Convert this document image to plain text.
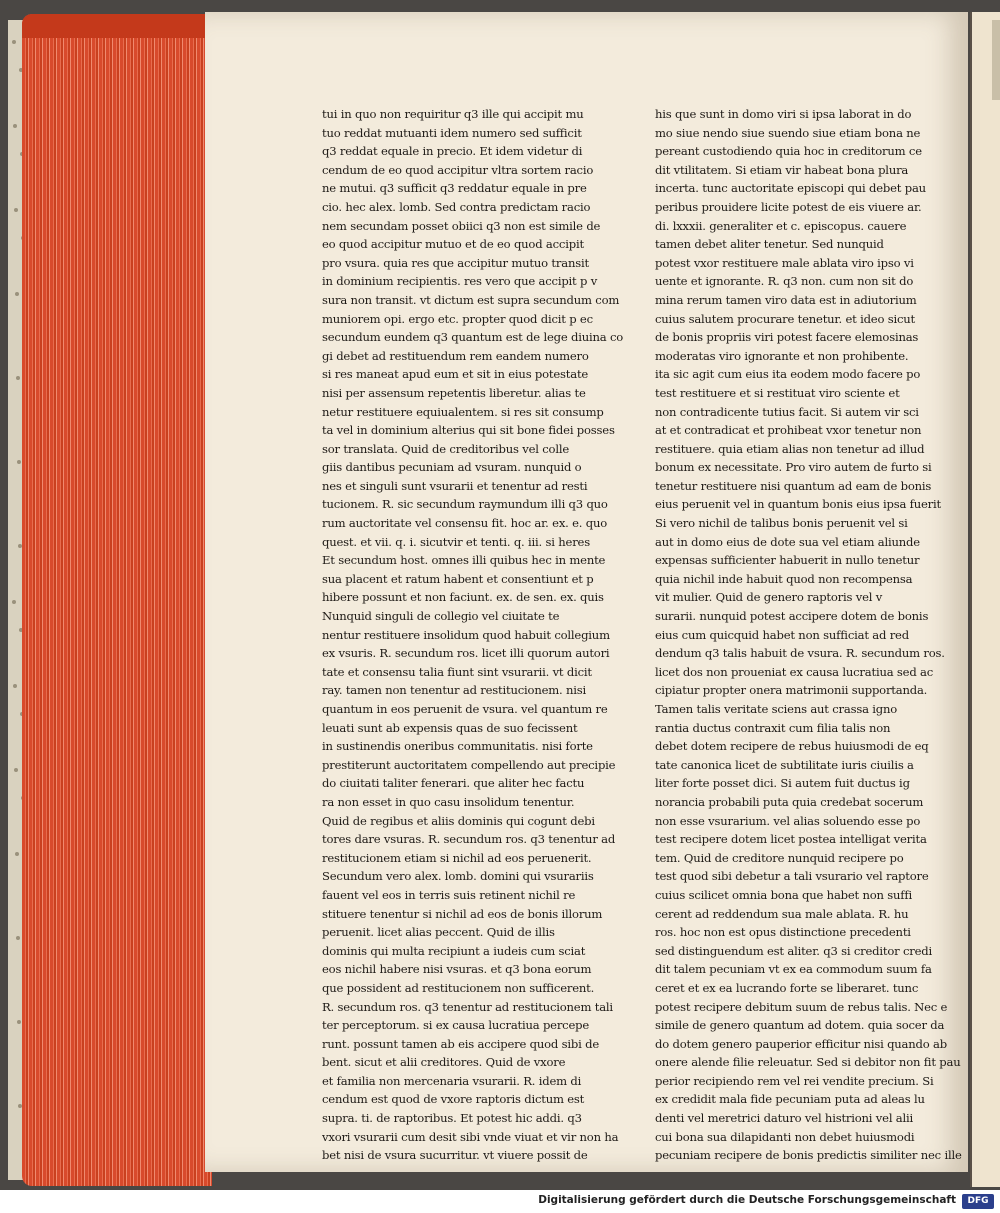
tui in quo non requiritur q3 ille qui accipit mu
tuo reddat mutuanti idem numero sed sufficit
q3 reddat equale in precio. Et idem videtur di
cendum de eo quod accipitur vltra sortem racio
ne mutui. q3 sufficit q3 reddatur equale in pre
cio. hec alex. lomb. Sed contra predictam racio
nem secundam posset obiici q3 non est simile de
eo quod accipitur mutuo et de eo quod accipit
pro vsura. quia res que accipitur mutuo transit
in dominium recipientis. res vero que accipit p v
sura non transit. vt dictum est supra secundum com
muniorem opi. ergo etc. propter quod dicit p ec
secundum eundem q3 quantum est de lege diuina co
gi debet ad restituendum rem eandem numero
si res maneat apud eum et sit in eius potestate
nisi per assensum repetentis liberetur. alias te
netur restituere equiualentem. si res sit consump
ta vel in dominium alterius qui sit bone fidei posses
sor translata. Quid de creditoribus vel colle
giis dantibus pecuniam ad vsuram. nunquid o
nes et singuli sunt vsurarii et tenentur ad resti
tucionem. R. sic secundum raymundum illi q3 quo
rum auctoritate vel consensu fit. hoc ar. ex. e. quo
quest. et vii. q. i. sicutvir et tenti. q. iii. si heres
Et secundum host. omnes illi quibus hec in mente
sua placent et ratum habent et consentiunt et p
hibere possunt et non faciunt. ex. de sen. ex. quis
Nunquid singuli de collegio vel ciuitate te
nentur restituere insolidum quod habuit collegium
ex vsuris. R. secundum ros. licet illi quorum autori
tate et consensu talia fiunt sint vsurarii. vt dicit
ray. tamen non tenentur ad restitucionem. nisi
quantum in eos peruenit de vsura. vel quantum re
leuati sunt ab expensis quas de suo fecissent
in sustinendis oneribus communitatis. nisi forte
prestiterunt auctoritatem compellendo aut precipie
do ciuitati taliter fenerari. que aliter hec factu
ra non esset in quo casu insolidum tenentur.
Quid de regibus et aliis dominis qui cogunt debi
tores dare vsuras. R. secundum ros. q3 tenentur ad
restitucionem etiam si nichil ad eos peruenerit.
Secundum vero alex. lomb. domini qui vsurariis
fauent vel eos in terris suis retinent nichil re
stituere tenentur si nichil ad eos de bonis illorum
peruenit. licet alias peccent. Quid de illis
dominis qui multa recipiunt a iudeis cum sciat
eos nichil habere nisi vsuras. et q3 bona eorum
que possident ad restitucionem non sufficerent.
R. secundum ros. q3 tenentur ad restitucionem tali
ter perceptorum. si ex causa lucratiua percepe
runt. possunt tamen ab eis accipere quod sibi de
bent. sicut et alii creditores. Quid de vxore
et familia non mercenaria vsurarii. R. idem di
cendum est quod de vxore raptoris dictum est
supra. ti. de raptoribus. Et potest hic addi. q3
vxori vsurarii cum desit sibi vnde viuat et vir non ha
bet nisi de vsura sucurritur. vt viuere possit de
his que sunt in domo viri si ipsa laborat in do
mo siue nendo siue suendo siue etiam bona ne
pereant custodiendo quia hoc in creditorum ce
dit vtilitatem. Si etiam vir habeat bona plura
incerta. tunc auctoritate episcopi qui debet pau
peribus prouidere licite potest de eis viuere ar.
di. lxxxii. generaliter et c. episcopus. cauere
tamen debet aliter tenetur. Sed nunquid
potest vxor restituere male ablata viro ipso vi
uente et ignorante. R. q3 non. cum non sit do
mina rerum tamen viro data est in adiutorium
cuius salutem procurare tenetur. et ideo sicut
de bonis propriis viri potest facere elemosinas
moderatas viro ignorante et non prohibente.
ita sic agit cum eius ita eodem modo facere po
test restituere et si restituat viro sciente et
non contradicente tutius facit. Si autem vir sci
at et contradicat et prohibeat vxor tenetur non
restituere. quia etiam alias non tenetur ad illud
bonum ex necessitate. Pro viro autem de furto si
tenetur restituere nisi quantum ad eam de bonis
eius peruenit vel in quantum bonis eius ipsa fuerit
Si vero nichil de talibus bonis peruenit vel si
aut in domo eius de dote sua vel etiam aliunde
expensas sufficienter habuerit in nullo tenetur
quia nichil inde habuit quod non recompensa
vit mulier. Quid de genero raptoris vel v
surarii. nunquid potest accipere dotem de bonis
eius cum quicquid habet non sufficiat ad red
dendum q3 talis habuit de vsura. R. secundum ros.
licet dos non proueniat ex causa lucratiua sed ac
cipiatur propter onera matrimonii supportanda.
Tamen talis veritate sciens aut crassa igno
rantia ductus contraxit cum filia talis non
debet dotem recipere de rebus huiusmodi de eq
tate canonica licet de subtilitate iuris ciuilis a
liter forte posset dici. Si autem fuit ductus ig
norancia probabili puta quia credebat socerum
non esse vsurarium. vel alias soluendo esse po
test recipere dotem licet postea intelligat verita
tem. Quid de creditore nunquid recipere po
test quod sibi debetur a tali vsurario vel raptore
cuius scilicet omnia bona que habet non suffi
cerent ad reddendum sua male ablata. R. hu
ros. hoc non est opus distinctione precedenti
sed distinguendum est aliter. q3 si creditor credi
dit talem pecuniam vt ex ea commodum suum fa
ceret et ex ea lucrando forte se liberaret. tunc
potest recipere debitum suum de rebus talis. Nec e
simile de genero quantum ad dotem. quia socer da
do dotem genero pauperior efficitur nisi quando ab
onere alende filie releuatur. Sed si debitor non fit pau
perior recipiendo rem vel rei vendite precium. Si
ex credidit mala fide pecuniam puta ad aleas lu
denti vel meretrici daturo vel histrioni vel alii
cui bona sua dilapidanti non debet huiusmodi
pecuniam recipere de bonis predictis similiter nec ille
Digitalisierung gefördert durch die Deutsche Forschungsgemeinschaft	DFG
